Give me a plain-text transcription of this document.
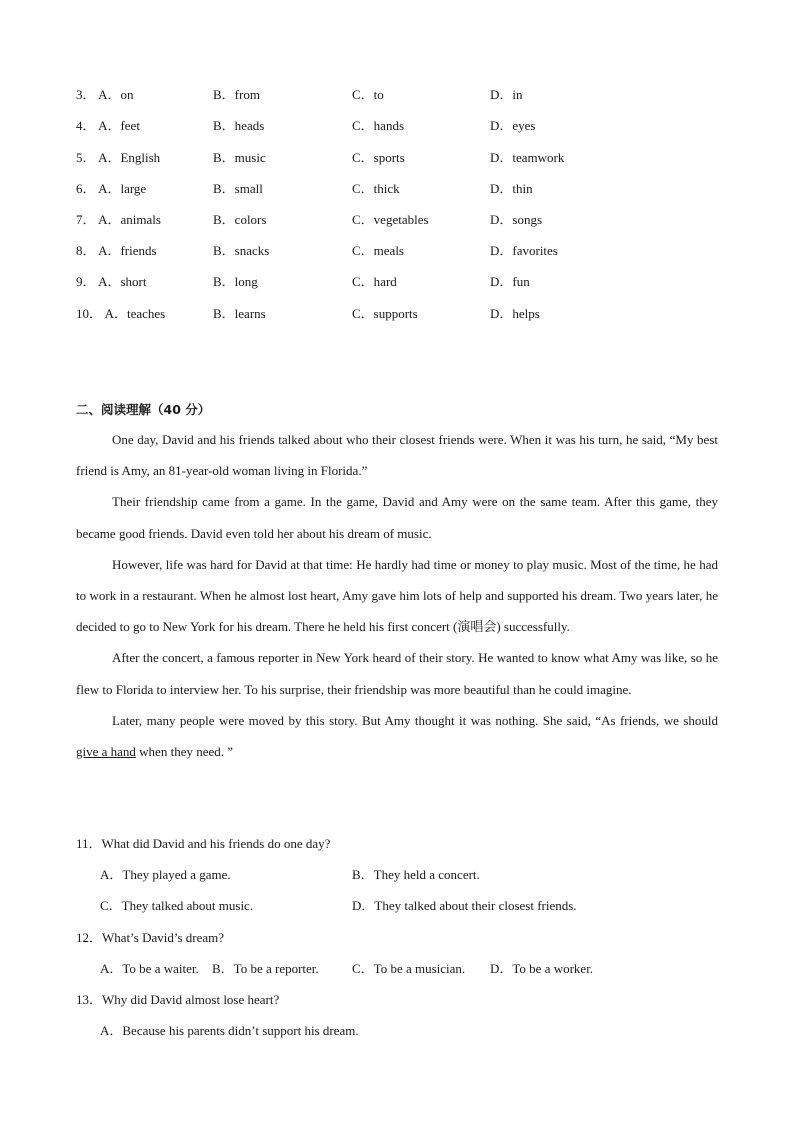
3． A．on	B．from	C．to	D．in
4． A．feet	B．heads	C．hands	D．eyes
5． A．English	B．music	C．sports	D．teamwork
6． A．large	B．small	C．thick	D．thin
7． A．animals	B．colors	C．vegetables	D．songs
8． A．friends	B．snacks	C．meals	D．favorites
9． A．short	B．long	C．hard	D．fun
10． A．teaches	B．learns	C．supports	D．helps
二、阅读理解（40 分）

One day, David and his friends talked about who their closest friends were. When it was his turn, he said, “My best friend is Amy, an 81-year-old woman living in Florida.”

Their friendship came from a game. In the game, David and Amy were on the same team. After this game, they became good friends. David even told her about his dream of music.

However, life was hard for David at that time: He hardly had time or money to play music. Most of the time, he had to work in a restaurant. When he almost lost heart, Amy gave him lots of help and supported his dream. Two years later, he decided to go to New York for his dream. There he held his first concert (演唱会) successfully.

After the concert, a famous reporter in New York heard of their story. He wanted to know what Amy was like, so he flew to Florida to interview her. To his surprise, their friendship was more beautiful than he could imagine.

Later, many people were moved by this story. But Amy thought it was nothing. She said, “As friends, we should give a hand when they need. ”

11．What did David and his friends do one day?
A．They played a game.	B．They held a concert.
C．They talked about music.	D．They talked about their closest friends.
12．What’s David’s dream?
A．To be a waiter. B．To be a reporter.	C．To be a musician. D．To be a worker.
13．Why did David almost lose heart?
A．Because his parents didn’t support his dream.
